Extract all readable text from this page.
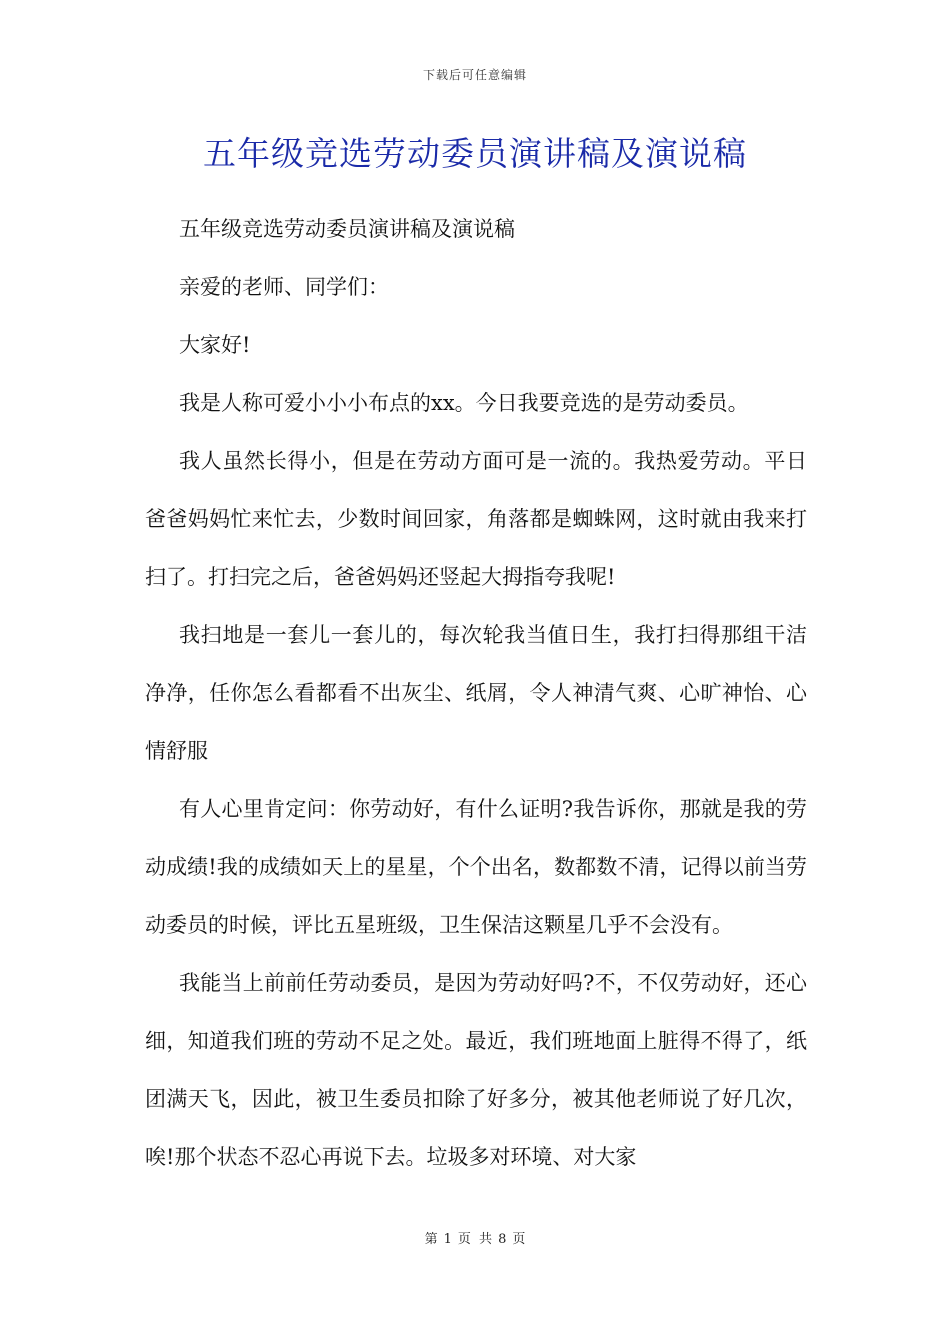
下载后可任意编辑
五年级竞选劳动委员演讲稿及演说稿

五年级竞选劳动委员演讲稿及演说稿

亲爱的老师、同学们：

大家好!

我是人称可爱小小小布点的xx。今日我要竞选的是劳动委员。

我人虽然长得小，但是在劳动方面可是一流的。我热爱劳动。平日爸爸妈妈忙来忙去，少数时间回家，角落都是蜘蛛网，这时就由我来打扫了。打扫完之后，爸爸妈妈还竖起大拇指夸我呢!

我扫地是一套儿一套儿的，每次轮我当值日生，我打扫得那组干洁净净，任你怎么看都看不出灰尘、纸屑，令人神清气爽、心旷神怡、心情舒服

有人心里肯定问：你劳动好，有什么证明?我告诉你，那就是我的劳动成绩!我的成绩如天上的星星，个个出名，数都数不清，记得以前当劳动委员的时候，评比五星班级，卫生保洁这颗星几乎不会没有。

我能当上前前任劳动委员，是因为劳动好吗?不，不仅劳动好，还心细，知道我们班的劳动不足之处。最近，我们班地面上脏得不得了，纸团满天飞，因此，被卫生委员扣除了好多分，被其他老师说了好几次，唉!那个状态不忍心再说下去。垃圾多对环境、对大家

第 1 页 共 8 页
